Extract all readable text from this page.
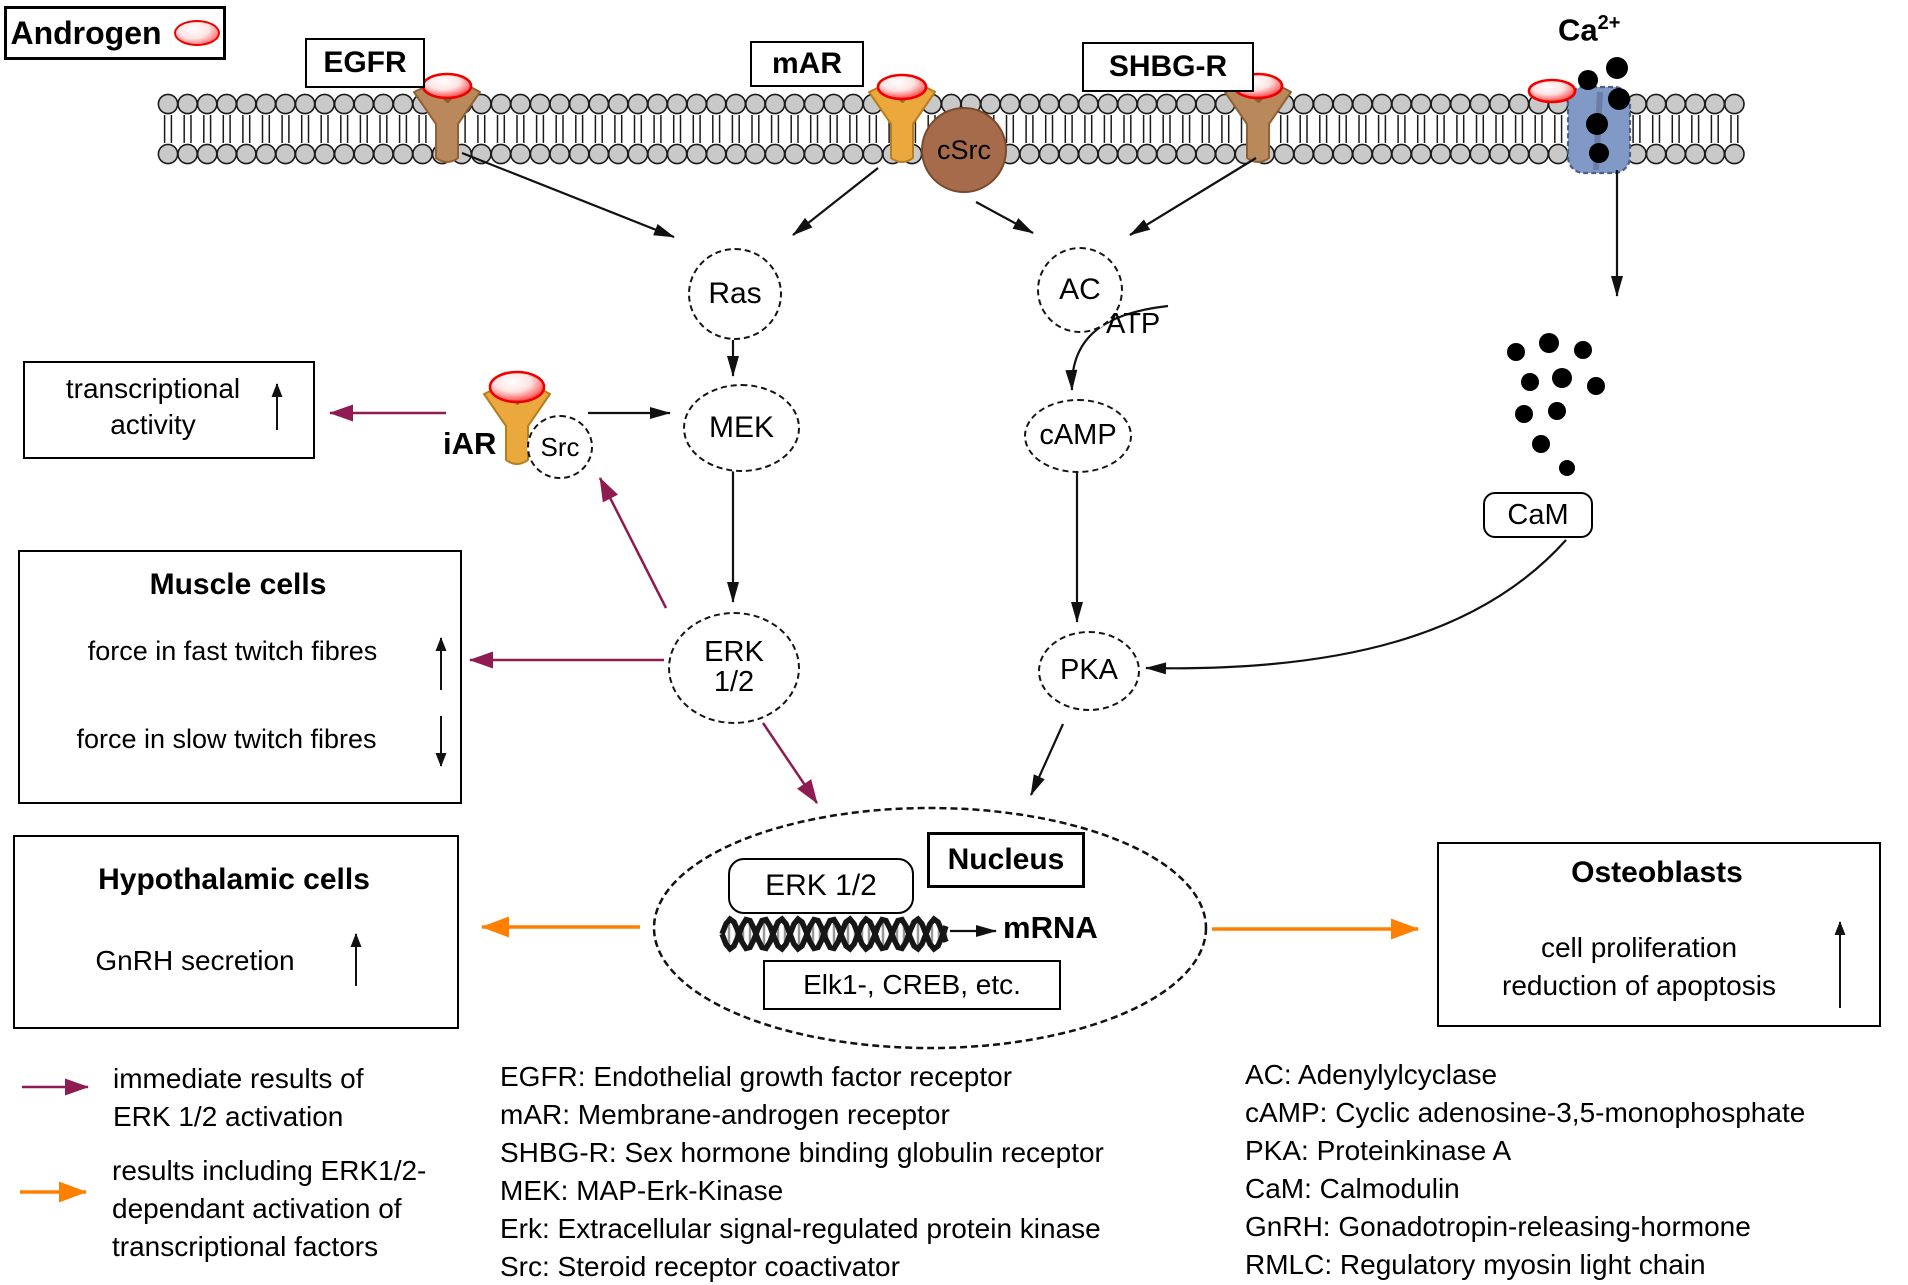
Androgen
EGFR	mAR	SHBG-R
$Ca^{2+}$
cSrc
Ras
MEK
AC
ATP
cAMP
PKA
ERK
1/2
Src
iAR
CaM
Nucleus
ERK 1/2
mRNA
Elk1-, CREB, etc.
transcriptional
activity
Muscle cells
force in fast twitch fibres
force in slow twitch fibres
Hypothalamic cells
GnRH secretion
Osteoblasts
cell proliferation
reduction of apoptosis
immediate results of
ERK 1/2 activation
results including ERK1/2-
dependant activation of
transcriptional factors
EGFR: Endothelial growth factor receptor
mAR: Membrane-androgen receptor
SHBG-R: Sex hormone binding globulin receptor
MEK: MAP-Erk-Kinase
Erk: Extracellular signal-regulated protein kinase
Src: Steroid receptor coactivator
AC: Adenylylcyclase
cAMP: Cyclic adenosine-3,5-monophosphate
PKA: Proteinkinase A
CaM: Calmodulin
GnRH: Gonadotropin-releasing-hormone
RMLC: Regulatory myosin light chain
